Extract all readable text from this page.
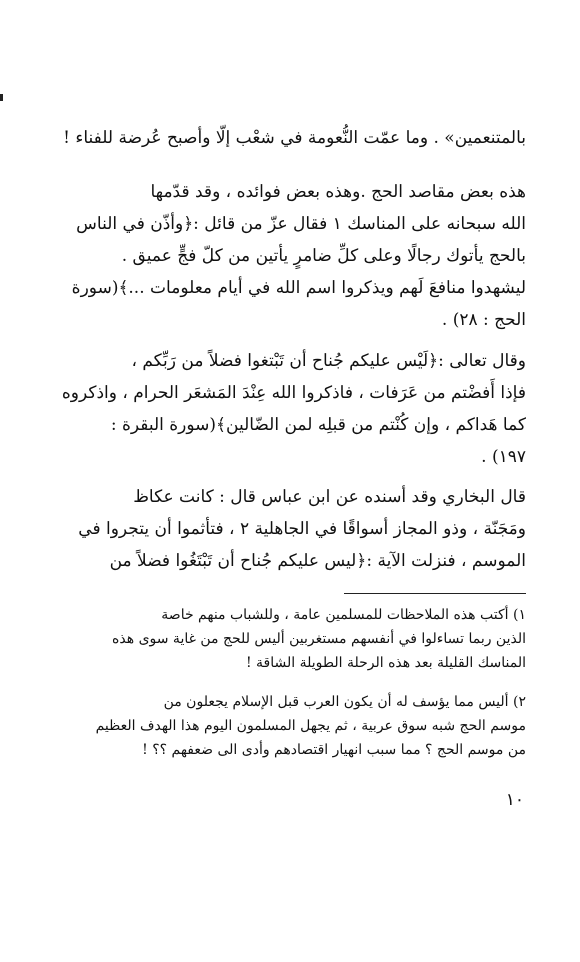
بالمتنعمين» . وما عمّت النُّعومة في شعْب إلّا وأصبح عُرضة للفناء !
هذه بعض مقاصد الحج .وهذه بعض فوائده ، وقد قدّمها
الله سبحانه على المناسك ١ فقال عزّ من قائل :﴿وأذّن في الناس
بالحج يأتوك رجالًا وعلى كلِّ ضامرٍ يأتين من كلّ فجٍّ عميق .
ليشهدوا منافعَ لَهم ويذكروا اسم الله في أيام معلومات ...﴾(سورة
الحج : ٢٨) .
وقال تعالى :﴿لَيْس عليكم جُناح أن تَبْتغوا فضلاً من رَبِّكم ،
فإذا أَفضْتم من عَرَفات ، فاذكروا الله عِنْدَ المَشعَر الحرام ، واذكروه
كما هَداكم ، وإن كُنْتم من قبلِه لمن الضّالين﴾(سورة البقرة :
١٩٧) .
قال البخاري وقد أسنده عن ابن عباس قال : كانت عكاظ
ومَجَنّة ، وذو المجاز أسواقًا في الجاهلية ٢ ، فتأثموا أن يتجروا في
الموسم ، فنزلت الآية :﴿ليس عليكم جُناح أن تَبْتَغُوا فضلاً من
١) أكتب هذه الملاحظات للمسلمين عامة ، وللشباب منهم خاصة
الذين ربما تساءلوا في أنفسهم مستغربين أليس للحج من غاية سوى هذه
المناسك القليلة بعد هذه الرحلة الطويلة الشاقة !
٢) أليس مما يؤسف له أن يكون العرب قبل الإسلام يجعلون من
موسم الحج شبه سوق عربية ، ثم يجهل المسلمون اليوم هذا الهدف العظيم
من موسم الحج ؟ مما سبب انهيار اقتصادهم وأدى الى ضعفهم ؟؟ !
١٠
